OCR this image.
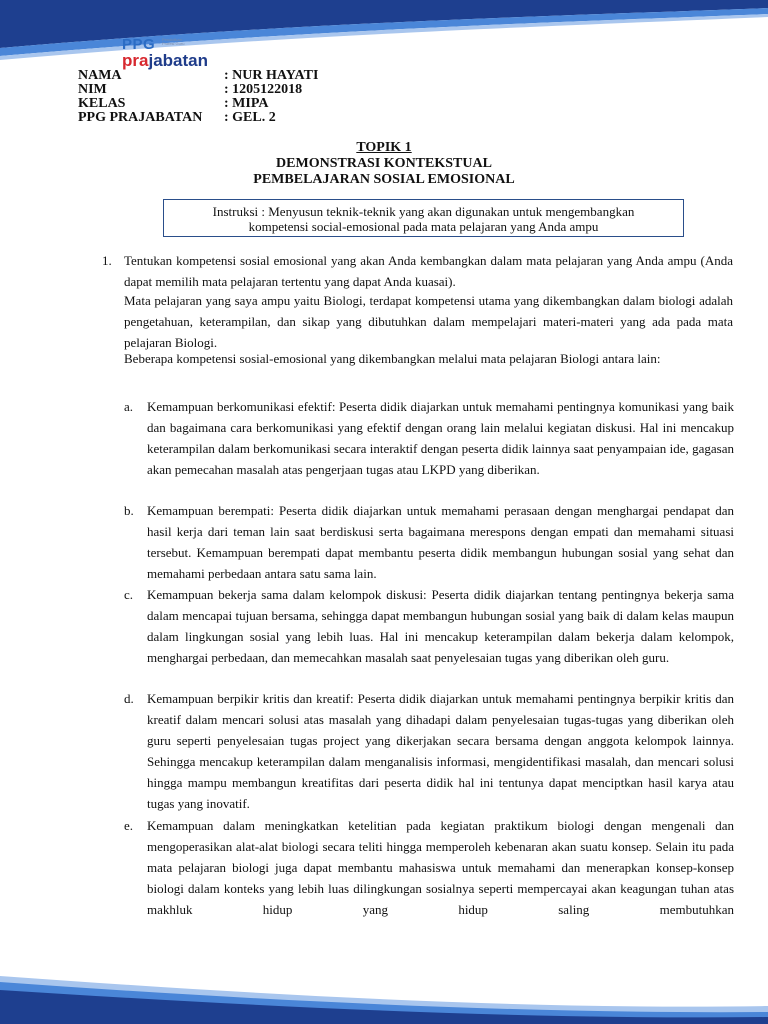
PPG Pendidikan Profesi Guru
prajabatan
NAMA	: NUR HAYATI
NIM	: 1205122018
KELAS	: MIPA
PPG PRAJABATAN	: GEL. 2
TOPIK 1
DEMONSTRASI KONTEKSTUAL
PEMBELAJARAN SOSIAL EMOSIONAL
Instruksi : Menyusun teknik-teknik yang akan digunakan untuk mengembangkan
kompetensi social-emosional pada mata pelajaran yang Anda ampu
1. Tentukan kompetensi sosial emosional yang akan Anda kembangkan dalam mata pelajaran yang Anda ampu (Anda dapat memilih mata pelajaran tertentu yang dapat Anda kuasai).
Mata pelajaran yang saya ampu yaitu Biologi, terdapat kompetensi utama yang dikembangkan dalam biologi adalah pengetahuan, keterampilan, dan sikap yang dibutuhkan dalam mempelajari materi-materi yang ada pada mata pelajaran Biologi.
Beberapa kompetensi sosial-emosional yang dikembangkan melalui mata pelajaran Biologi antara lain:
a. Kemampuan berkomunikasi efektif: Peserta didik diajarkan untuk memahami pentingnya komunikasi yang baik dan bagaimana cara berkomunikasi yang efektif dengan orang lain melalui kegiatan diskusi. Hal ini mencakup keterampilan dalam berkomunikasi secara interaktif dengan peserta didik lainnya saat penyampaian ide, gagasan akan pemecahan masalah atas pengerjaan tugas atau LKPD yang diberikan.
b. Kemampuan berempati: Peserta didik diajarkan untuk memahami perasaan dengan menghargai pendapat dan hasil kerja dari teman lain saat berdiskusi serta bagaimana merespons dengan empati dan memahami situasi tersebut. Kemampuan berempati dapat membantu peserta didik membangun hubungan sosial yang sehat dan memahami perbedaan antara satu sama lain.
c. Kemampuan bekerja sama dalam kelompok diskusi: Peserta didik diajarkan tentang pentingnya bekerja sama dalam mencapai tujuan bersama, sehingga dapat membangun hubungan sosial yang baik di dalam kelas maupun dalam lingkungan sosial yang lebih luas. Hal ini mencakup keterampilan dalam bekerja dalam kelompok, menghargai perbedaan, dan memecahkan masalah saat penyelesaian tugas yang diberikan oleh guru.
d. Kemampuan berpikir kritis dan kreatif: Peserta didik diajarkan untuk memahami pentingnya berpikir kritis dan kreatif dalam mencari solusi atas masalah yang dihadapi dalam penyelesaian tugas-tugas yang diberikan oleh guru seperti penyelesaian tugas project yang dikerjakan secara bersama dengan anggota kelompok lainnya. Sehingga mencakup keterampilan dalam menganalisis informasi, mengidentifikasi masalah, dan mencari solusi hingga mampu membangun kreatifitas dari peserta didik hal ini tentunya dapat menciptkan hasil karya atau tugas yang inovatif.
e. Kemampuan dalam meningkatkan ketelitian pada kegiatan praktikum biologi dengan mengenali dan mengoperasikan alat-alat biologi secara teliti hingga memperoleh kebenaran akan suatu konsep. Selain itu pada mata pelajaran biologi juga dapat membantu mahasiswa untuk memahami dan menerapkan konsep-konsep biologi dalam konteks yang lebih luas dilingkungan sosialnya seperti mempercayai akan keagungan tuhan atas makhluk hidup yang hidup saling membutuhkan
